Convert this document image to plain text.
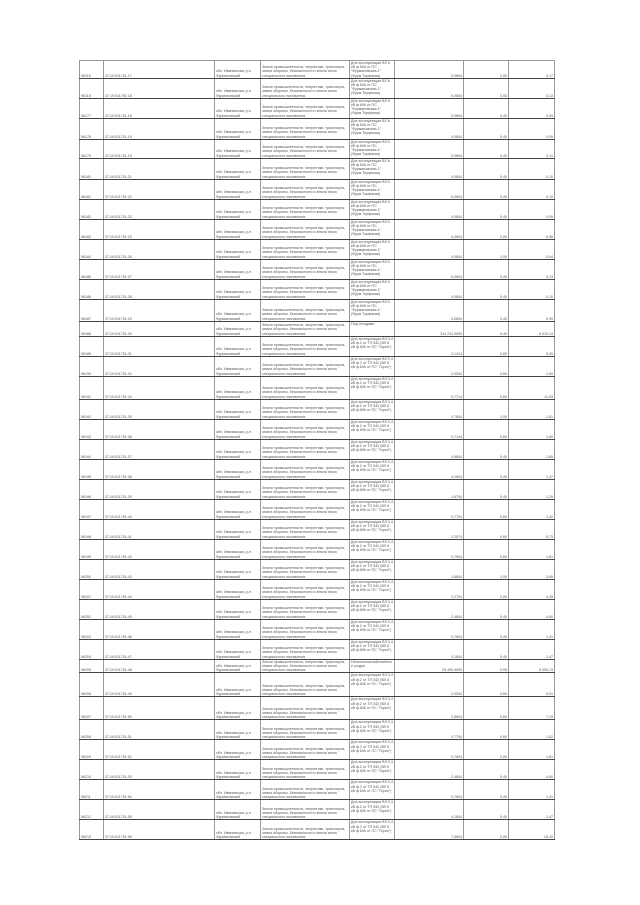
96115	37:19:011701:17	обл. Ивановская, р-н Фурмановский	Земли промышленности, энергетики, транспорта, земли обороны, безопасности и земли иного специального назначения	Для эксплуатации ВЛ 6 кВ ф.606 от ПС "Фурмановская-1" (Фурм.Торфяная)	0,0654	2,00	0,17
96116	37:19:011701:18	обл. Ивановская, р-н Фурмановский	Земли промышленности, энергетики, транспорта, земли обороны, безопасности и земли иного специального назначения	Для эксплуатации ВЛ 6 кВ ф.606 от ПС "Фурмановская-1" (Фурм.Торфяная)	0,0654	0,50	0,13
96177	37:19:011701:18	обл. Ивановская, р-н Фурмановский	Земли промышленности, энергетики, транспорта, земли обороны, безопасности и земли иного специального назначения	Для эксплуатации ВЛ 6 кВ ф.606 от ПС "Фурмановская-1" (Фурм.Торфяная)	0,0654	0,40	0,09
96178	37:19:011701:19	обл. Ивановская, р-н Фурмановский	Земли промышленности, энергетики, транспорта, земли обороны, безопасности и земли иного специального назначения	Для эксплуатации ВЛ 6 кВ ф.606 от ПС "Фурмановская-1" (Фурм.Торфяная)	0,0654	0,40	0,09
96179	37:19:011701:19	обл. Ивановская, р-н Фурмановский	Земли промышленности, энергетики, транспорта, земли обороны, безопасности и земли иного специального назначения	Для эксплуатации ВЛ 6 кВ ф.606 от ПС "Фурмановская-1" (Фурм.Торфяная)	0,0654	0,40	0,11
96180	37:19:011701:21	обл. Ивановская, р-н Фурмановский	Земли промышленности, энергетики, транспорта, земли обороны, безопасности и земли иного специального назначения	Для эксплуатации ВЛ 6 кВ ф.606 от ПС "Фурмановская-1" (Фурм.Торфяная)	0,0654	0,40	0,10
96181	37:19:011701:22	обл. Ивановская, р-н Фурмановский	Земли промышленности, энергетики, транспорта, земли обороны, безопасности и земли иного специального назначения	Для эксплуатации ВЛ 6 кВ ф.606 от ПС "Фурмановская-1" (Фурм.Торфяная)	0,0654	0,40	0,10
96182	37:19:011701:23	обл. Ивановская, р-н Фурмановский	Земли промышленности, энергетики, транспорта, земли обороны, безопасности и земли иного специального назначения	Для эксплуатации ВЛ 6 кВ ф.606 от ПС "Фурмановская-1" (Фурм.Торфяная)	0,0654	0,40	0,09
96183	37:19:011701:25	обл. Ивановская, р-н Фурмановский	Земли промышленности, энергетики, транспорта, земли обороны, безопасности и земли иного специального назначения	Для эксплуатации ВЛ 6 кВ ф.606 от ПС "Фурмановская-1" (Фурм.Торфяная)	4,4654	2,00	6,56
96184	37:19:011701:26	обл. Ивановская, р-н Фурмановский	Земли промышленности, энергетики, транспорта, земли обороны, безопасности и земли иного специального назначения	Для эксплуатации ВЛ 6 кВ ф.606 от ПС "Фурмановская-1" (Фурм.Торфяная)	0,0654	2,00	0,04
96185	37:19:011701:27	обл. Ивановская, р-н Фурмановский	Земли промышленности, энергетики, транспорта, земли обороны, безопасности и земли иного специального назначения	Для эксплуатации ВЛ 6 кВ ф.606 от ПС "Фурмановская-1" (Фурм.Торфяная)	0,0654	0,40	0,13
96186	37:19:011701:28	обл. Ивановская, р-н Фурмановский	Земли промышленности, энергетики, транспорта, земли обороны, безопасности и земли иного специального назначения	Для эксплуатации ВЛ 6 кВ ф.606 от ПС "Фурмановская-1" (Фурм.Торфяная)	0,0654	0,40	0,10
96187	37:19:011701:29	обл. Ивановская, р-н Фурмановский	Земли промышленности, энергетики, транспорта, земли обороны, безопасности и земли иного специального назначения	Для эксплуатации ВЛ 6 кВ ф.606 от ПС "Фурмановская-1" (Фурм.Торфяная)	4,0654	0,40	0,09
96188	37:19:011701:30	обл. Ивановская, р-н Фурмановский	Земли промышленности, энергетики, транспорта, земли обороны, безопасности и земли иного специального назначения	Под отходами	314 211,0000	0,40	6 610,14
96189	37:19:011701:31	обл. Ивановская, р-н Фурмановский	Земли промышленности, энергетики, транспорта, земли обороны, безопасности и земли иного специального назначения	Для эксплуатации ВЛ 0,4 кВ ф.2 от ТП 542 (ВЛ 6 кВ ф.606 от ПС "Тороп")	3,1414	0,60	5,05
96190	37:19:011701:32	обл. Ивановская, р-н Фурмановский	Земли промышленности, энергетики, транспорта, земли обороны, безопасности и земли иного специального назначения	Для эксплуатации ВЛ 0,4 кВ ф.2 от ТП 542 (ВЛ 6 кВ ф.606 от ПС "Тороп")	2,0254	0,60	1,60
96191	37:19:011701:34	обл. Ивановская, р-н Фурмановский	Земли промышленности, энергетики, транспорта, земли обороны, безопасности и земли иного специального назначения	Для эксплуатации ВЛ 0,4 кВ ф.2 от ТП 542 (ВЛ 6 кВ ф.606 от ПС "Тороп")	5,7714	0,60	11,53
96192	37:19:011701:35	обл. Ивановская, р-н Фурмановский	Земли промышленности, энергетики, транспорта, земли обороны, безопасности и земли иного специального назначения	Для эксплуатации ВЛ 0,4 кВ ф.2 от ТП 542 (ВЛ 6 кВ ф.606 от ПС "Тороп")	0,7854	2,00	1,61
96193	37:19:011701:36	обл. Ивановская, р-н Фурмановский	Земли промышленности, энергетики, транспорта, земли обороны, безопасности и земли иного специального назначения	Для эксплуатации ВЛ 0,4 кВ ф.2 от ТП 542 (ВЛ 6 кВ ф.606 от ПС "Тороп")	0,7144	0,60	1,60
96194	37:19:011701:37	обл. Ивановская, р-н Фурмановский	Земли промышленности, энергетики, транспорта, земли обороны, безопасности и земли иного специального назначения	Для эксплуатации ВЛ 0,4 кВ ф.2 от ТП 542 (ВЛ 6 кВ ф.606 от ПС "Тороп")	0,6654	0,40	1,65
96195	37:19:011701:38	обл. Ивановская, р-н Фурмановский	Земли промышленности, энергетики, транспорта, земли обороны, безопасности и земли иного специального назначения	Для эксплуатации ВЛ 0,4 кВ ф.2 от ТП 542 (ВЛ 6 кВ ф.606 от ПС "Тороп")	4,1654	0,40	1,47
96196	37:19:011701:39	обл. Ивановская, р-н Фурмановский	Земли промышленности, энергетики, транспорта, земли обороны, безопасности и земли иного специального назначения	Для эксплуатации ВЛ 0,4 кВ ф.2 от ТП 542 (ВЛ 6 кВ ф.606 от ПС "Тороп")	1,6754	0,40	1,29
96197	37:19:011701:40	обл. Ивановская, р-н Фурмановский	Земли промышленности, энергетики, транспорта, земли обороны, безопасности и земли иного специального назначения	Для эксплуатации ВЛ 0,4 кВ ф.2 от ТП 542 (ВЛ 6 кВ ф.606 от ПС "Тороп")	0,7754	0,60	1,42
96198	37:19:011701:41	обл. Ивановская, р-н Фурмановский	Земли промышленности, энергетики, транспорта, земли обороны, безопасности и земли иного специального назначения	Для эксплуатации ВЛ 0,4 кВ ф.2 от ТП 542 (ВЛ 6 кВ ф.606 от ПС "Тороп")	2,2074	0,60	5,73
96199	37:19:011701:42	обл. Ивановская, р-н Фурмановский	Земли промышленности, энергетики, транспорта, земли обороны, безопасности и земли иного специального назначения	Для эксплуатации ВЛ 0,4 кВ ф.2 от ТП 542 (ВЛ 6 кВ ф.606 от ПС "Тороп")	0,7954	0,60	1,61
96200	37:19:011701:43	обл. Ивановская, р-н Фурмановский	Земли промышленности, энергетики, транспорта, земли обороны, безопасности и земли иного специального назначения	Для эксплуатации ВЛ 0,4 кВ ф.2 от ТП 542 (ВЛ 6 кВ ф.606 от ПС "Тороп")	1,8654	2,00	3,69
96201	37:19:011701:44	обл. Ивановская, р-н Фурмановский	Земли промышленности, энергетики, транспорта, земли обороны, безопасности и земли иного специального назначения	Для эксплуатации ВЛ 0,4 кВ ф.2 от ТП 542 (ВЛ 6 кВ ф.606 от ПС "Тороп")	2,2704	2,00	4,35
96202	37:19:011701:45	обл. Ивановская, р-н Фурмановский	Земли промышленности, энергетики, транспорта, земли обороны, безопасности и земли иного специального назначения	Для эксплуатации ВЛ 0,4 кВ ф.2 от ТП 542 (ВЛ 6 кВ ф.606 от ПС "Тороп")	2,4654	0,40	4,60
96203	37:19:011701:46	обл. Ивановская, р-н Фурмановский	Земли промышленности, энергетики, транспорта, земли обороны, безопасности и земли иного специального назначения	Для эксплуатации ВЛ 0,4 кВ ф.2 от ТП 542 (ВЛ 6 кВ ф.606 от ПС "Тороп")	0,7654	0,40	1,41
96204	37:19:011701:47	обл. Ивановская, р-н Фурмановский	Земли промышленности, энергетики, транспорта, земли обороны, безопасности и земли иного специального назначения	Для эксплуатации ВЛ 0,4 кВ ф.2 от ТП 542 (ВЛ 6 кВ ф.606 от ПС "Тороп")	0,1654	0,40	1,47
96205	37:19:011701:48	обл. Ивановская, р-н Фурмановский	Земли промышленности, энергетики, транспорта, земли обороны, безопасности и земли иного специального назначения	Несельскохозяйственные угодья	25 490,5000	0,05	5 005,13
96206	37:19:011701:49	обл. Ивановская, р-н Фурмановский	Земли промышленности, энергетики, транспорта, земли обороны, безопасности и земли иного специального назначения	Для эксплуатации ВЛ 0,4 кВ ф.2 от ТП 542 (ВЛ 6 кВ ф.606 от ПС "Тороп")	2,0254	0,60	5,51
96207	37:19:011701:50	обл. Ивановская, р-н Фурмановский	Земли промышленности, энергетики, транспорта, земли обороны, безопасности и земли иного специального назначения	Для эксплуатации ВЛ 0,4 кВ ф.2 от ТП 542 (ВЛ 6 кВ ф.606 от ПС "Тороп")	2,8654	0,60	7,19
96208	37:19:011701:51	обл. Ивановская, р-н Фурмановский	Земли промышленности, энергетики, транспорта, земли обороны, безопасности и земли иного специального назначения	Для эксплуатации ВЛ 0,4 кВ ф.2 от ТП 542 (ВЛ 6 кВ ф.606 от ПС "Тороп")	0,7754	0,60	1,62
96209	37:19:011701:52	обл. Ивановская, р-н Фурмановский	Земли промышленности, энергетики, транспорта, земли обороны, безопасности и земли иного специального назначения	Для эксплуатации ВЛ 0,4 кВ ф.2 от ТП 542 (ВЛ 6 кВ ф.606 от ПС "Тороп")	0,7854	2,00	1,61
96210	37:19:011701:53	обл. Ивановская, р-н Фурмановский	Земли промышленности, энергетики, транспорта, земли обороны, безопасности и земли иного специального назначения	Для эксплуатации ВЛ 0,4 кВ ф.2 от ТП 542 (ВЛ 6 кВ ф.606 от ПС "Тороп")	2,4654	0,40	4,60
96211	37:19:011701:54	обл. Ивановская, р-н Фурмановский	Земли промышленности, энергетики, транспорта, земли обороны, безопасности и земли иного специального назначения	Для эксплуатации ВЛ 0,4 кВ ф.2 от ТП 542 (ВЛ 6 кВ ф.606 от ПС "Тороп")	0,7654	0,40	1,41
96212	37:19:011701:55	обл. Ивановская, р-н Фурмановский	Земли промышленности, энергетики, транспорта, земли обороны, безопасности и земли иного специального назначения	Для эксплуатации ВЛ 0,4 кВ ф.2 от ТП 542 (ВЛ 6 кВ ф.606 от ПС "Тороп")	4,1654	0,40	1,47
96213	37:19:011701:56	обл. Ивановская, р-н Фурмановский	Земли промышленности, энергетики, транспорта, земли обороны, безопасности и земли иного специального назначения	Для эксплуатации ВЛ 0,4 кВ ф.2 от ТП 542 (ВЛ 6 кВ ф.606 от ПС "Тороп")	7,6654	0,50	15,40
